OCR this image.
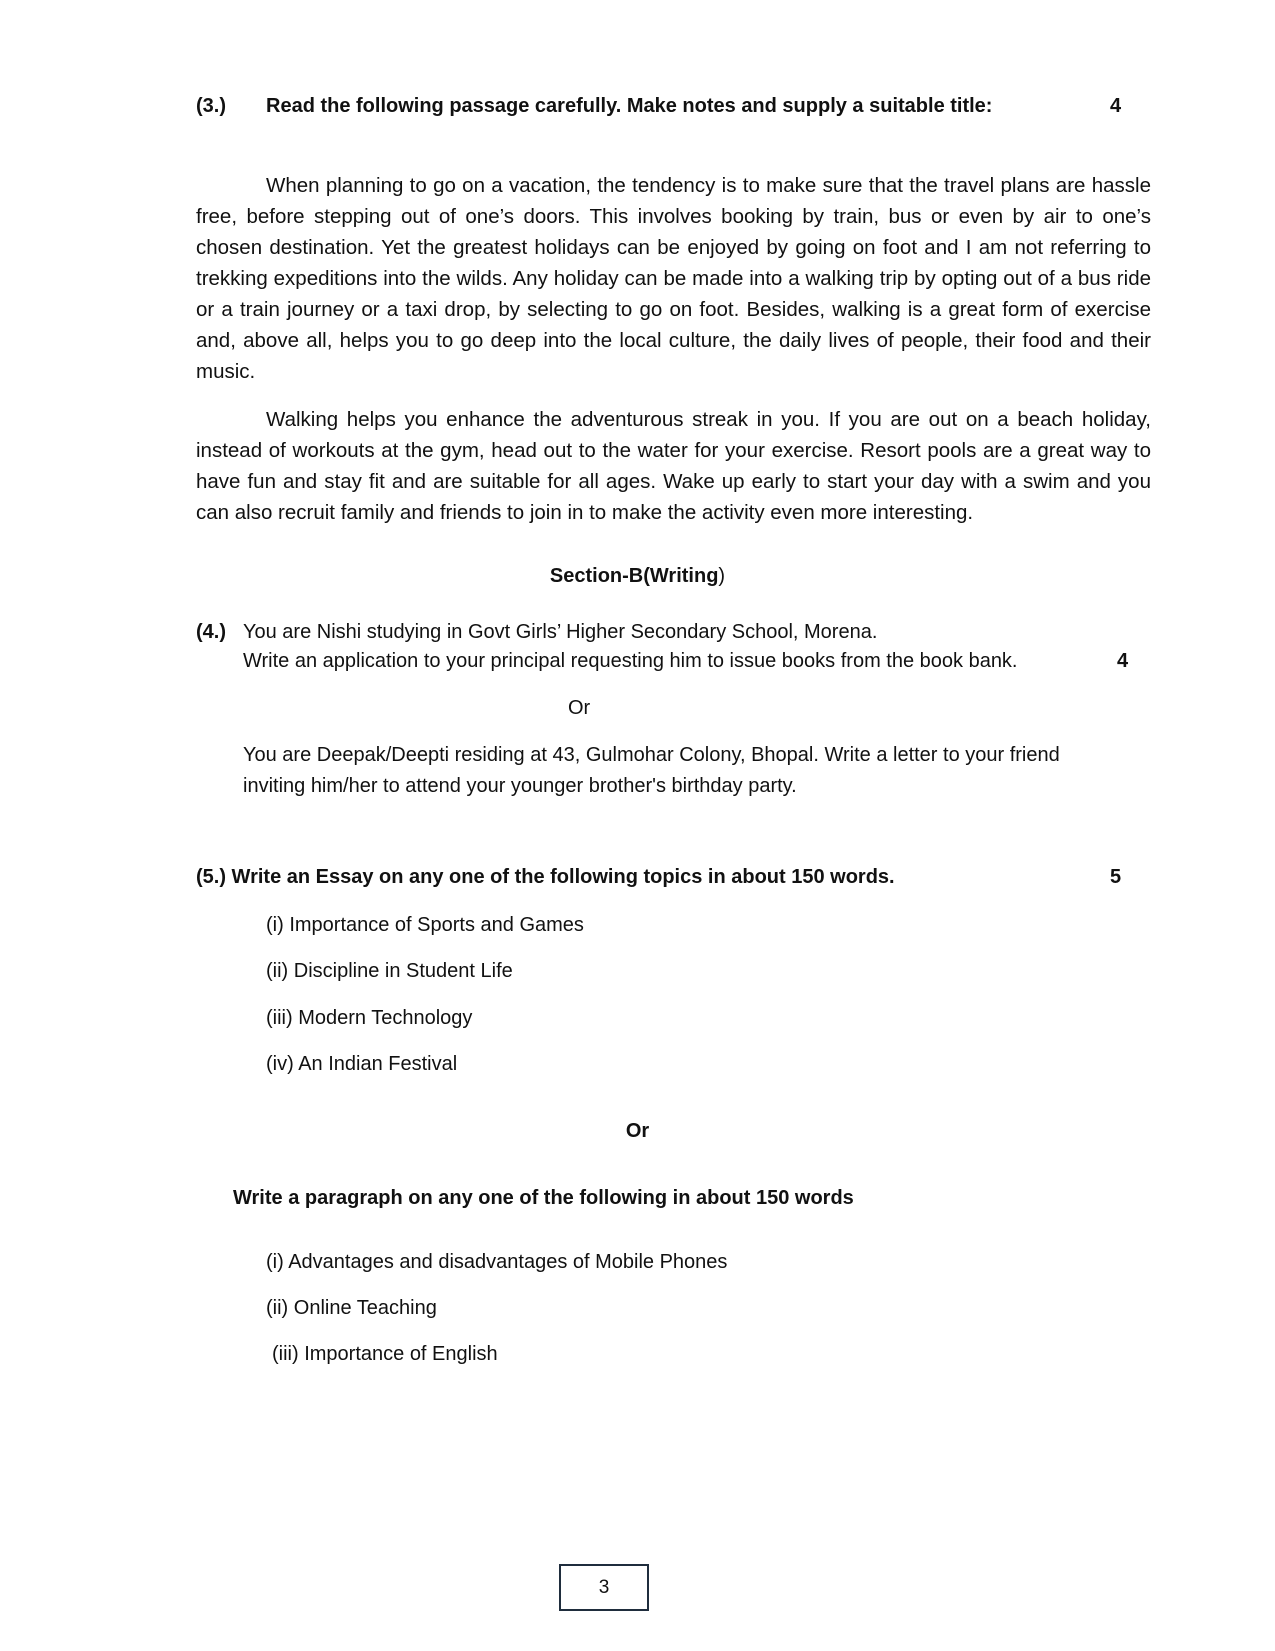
(3.) Read the following passage carefully. Make notes and supply a suitable title:	4

When planning to go on a vacation, the tendency is to make sure that the travel plans are hassle free, before stepping out of one’s doors. This involves booking by train, bus or even by air to one’s chosen destination. Yet the greatest holidays can be enjoyed by going on foot and I am not referring to trekking expeditions into the wilds. Any holiday can be made into a walking trip by opting out of a bus ride or a train journey or a taxi drop, by selecting to go on foot. Besides, walking is a great form of exercise and, above all, helps you to go deep into the local culture, the daily lives of people, their food and their music.

Walking helps you enhance the adventurous streak in you. If you are out on a beach holiday, instead of workouts at the gym, head out to the water for your exercise. Resort pools are a great way to have fun and stay fit and are suitable for all ages. Wake up early to start your day with a swim and you can also recruit family and friends to join in to make the activity even more interesting.

Section-B(Writing)
(4.) You are Nishi studying in Govt Girls’ Higher Secondary School, Morena.
Write an application to your principal requesting him to issue books from the book bank.	4
Or
You are Deepak/Deepti residing at 43, Gulmohar Colony, Bhopal. Write a letter to your friend
inviting him/her to attend your younger brother's birthday party.
(5.) Write an Essay on any one of the following topics in about 150 words.	5
(i) Importance of Sports and Games
(ii) Discipline in Student Life
(iii) Modern Technology
(iv) An Indian Festival
Or
Write a paragraph on any one of the following in about 150 words
(i) Advantages and disadvantages of Mobile Phones
(ii) Online Teaching
(iii) Importance of English
3
